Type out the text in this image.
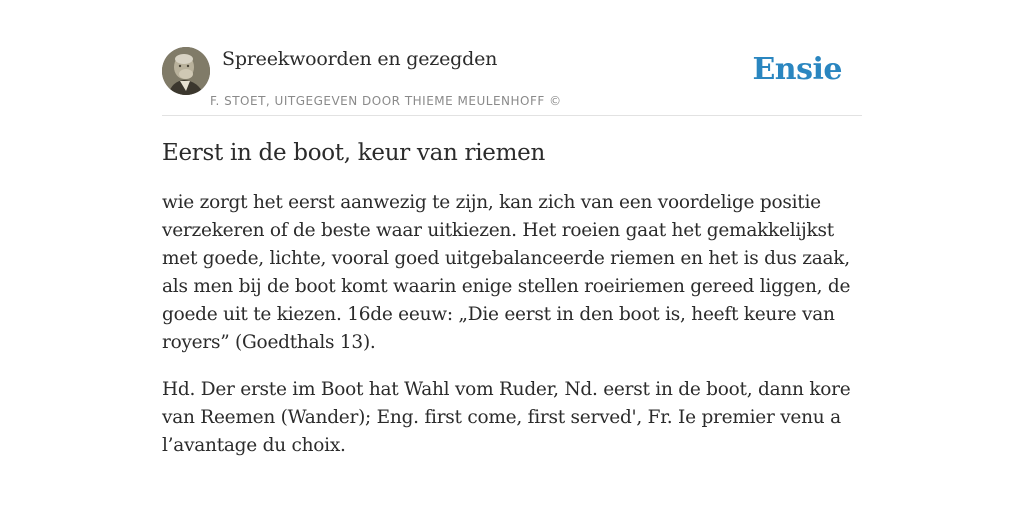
Spreekwoorden en gezegden
F. STOET, UITGEGEVEN DOOR THIEME MEULENHOFF ©
Ensie
Eerst in de boot, keur van riemen

wie zorgt het eerst aanwezig te zijn, kan zich van een voordelige positie verzekeren of de beste waar uitkiezen. Het roeien gaat het gemakkelijkst met goede, lichte, vooral goed uitgebalanceerde riemen en het is dus zaak, als men bij de boot komt waarin enige stellen roeiriemen gereed liggen, de goede uit te kiezen. 16de eeuw: „Die eerst in den boot is, heeft keure van royers” (Goedthals 13).

Hd. Der erste im Boot hat Wahl vom Ruder, Nd. eerst in de boot, dann kore van Reemen (Wander); Eng. first come, first served', Fr. Ie premier venu a l’avantage du choix.
